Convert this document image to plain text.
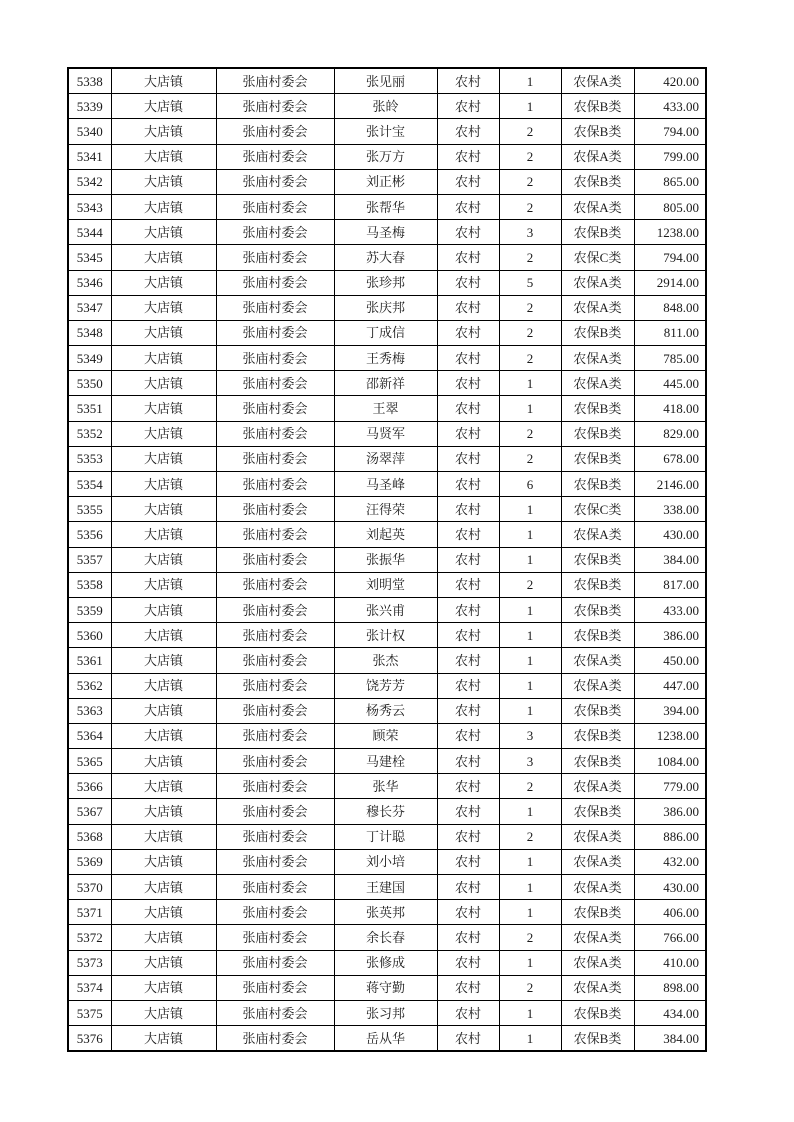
5338	大店镇	张庙村委会	张见丽	农村	1	农保A类	420.00
5339	大店镇	张庙村委会	张皊	农村	1	农保B类	433.00
5340	大店镇	张庙村委会	张计宝	农村	2	农保B类	794.00
5341	大店镇	张庙村委会	张万方	农村	2	农保A类	799.00
5342	大店镇	张庙村委会	刘正彬	农村	2	农保B类	865.00
5343	大店镇	张庙村委会	张帮华	农村	2	农保A类	805.00
5344	大店镇	张庙村委会	马圣梅	农村	3	农保B类	1238.00
5345	大店镇	张庙村委会	苏大春	农村	2	农保C类	794.00
5346	大店镇	张庙村委会	张珍邦	农村	5	农保A类	2914.00
5347	大店镇	张庙村委会	张庆邦	农村	2	农保A类	848.00
5348	大店镇	张庙村委会	丁成信	农村	2	农保B类	811.00
5349	大店镇	张庙村委会	王秀梅	农村	2	农保A类	785.00
5350	大店镇	张庙村委会	邵新祥	农村	1	农保A类	445.00
5351	大店镇	张庙村委会	王翠	农村	1	农保B类	418.00
5352	大店镇	张庙村委会	马贤军	农村	2	农保B类	829.00
5353	大店镇	张庙村委会	汤翠萍	农村	2	农保B类	678.00
5354	大店镇	张庙村委会	马圣峰	农村	6	农保B类	2146.00
5355	大店镇	张庙村委会	汪得荣	农村	1	农保C类	338.00
5356	大店镇	张庙村委会	刘起英	农村	1	农保A类	430.00
5357	大店镇	张庙村委会	张振华	农村	1	农保B类	384.00
5358	大店镇	张庙村委会	刘明堂	农村	2	农保B类	817.00
5359	大店镇	张庙村委会	张兴甫	农村	1	农保B类	433.00
5360	大店镇	张庙村委会	张计权	农村	1	农保B类	386.00
5361	大店镇	张庙村委会	张杰	农村	1	农保A类	450.00
5362	大店镇	张庙村委会	饶芳芳	农村	1	农保A类	447.00
5363	大店镇	张庙村委会	杨秀云	农村	1	农保B类	394.00
5364	大店镇	张庙村委会	顾荣	农村	3	农保B类	1238.00
5365	大店镇	张庙村委会	马建栓	农村	3	农保B类	1084.00
5366	大店镇	张庙村委会	张华	农村	2	农保A类	779.00
5367	大店镇	张庙村委会	穆长芬	农村	1	农保B类	386.00
5368	大店镇	张庙村委会	丁计聪	农村	2	农保A类	886.00
5369	大店镇	张庙村委会	刘小培	农村	1	农保A类	432.00
5370	大店镇	张庙村委会	王建国	农村	1	农保A类	430.00
5371	大店镇	张庙村委会	张英邦	农村	1	农保B类	406.00
5372	大店镇	张庙村委会	余长春	农村	2	农保A类	766.00
5373	大店镇	张庙村委会	张修成	农村	1	农保A类	410.00
5374	大店镇	张庙村委会	蒋守勤	农村	2	农保A类	898.00
5375	大店镇	张庙村委会	张习邦	农村	1	农保B类	434.00
5376	大店镇	张庙村委会	岳从华	农村	1	农保B类	384.00
